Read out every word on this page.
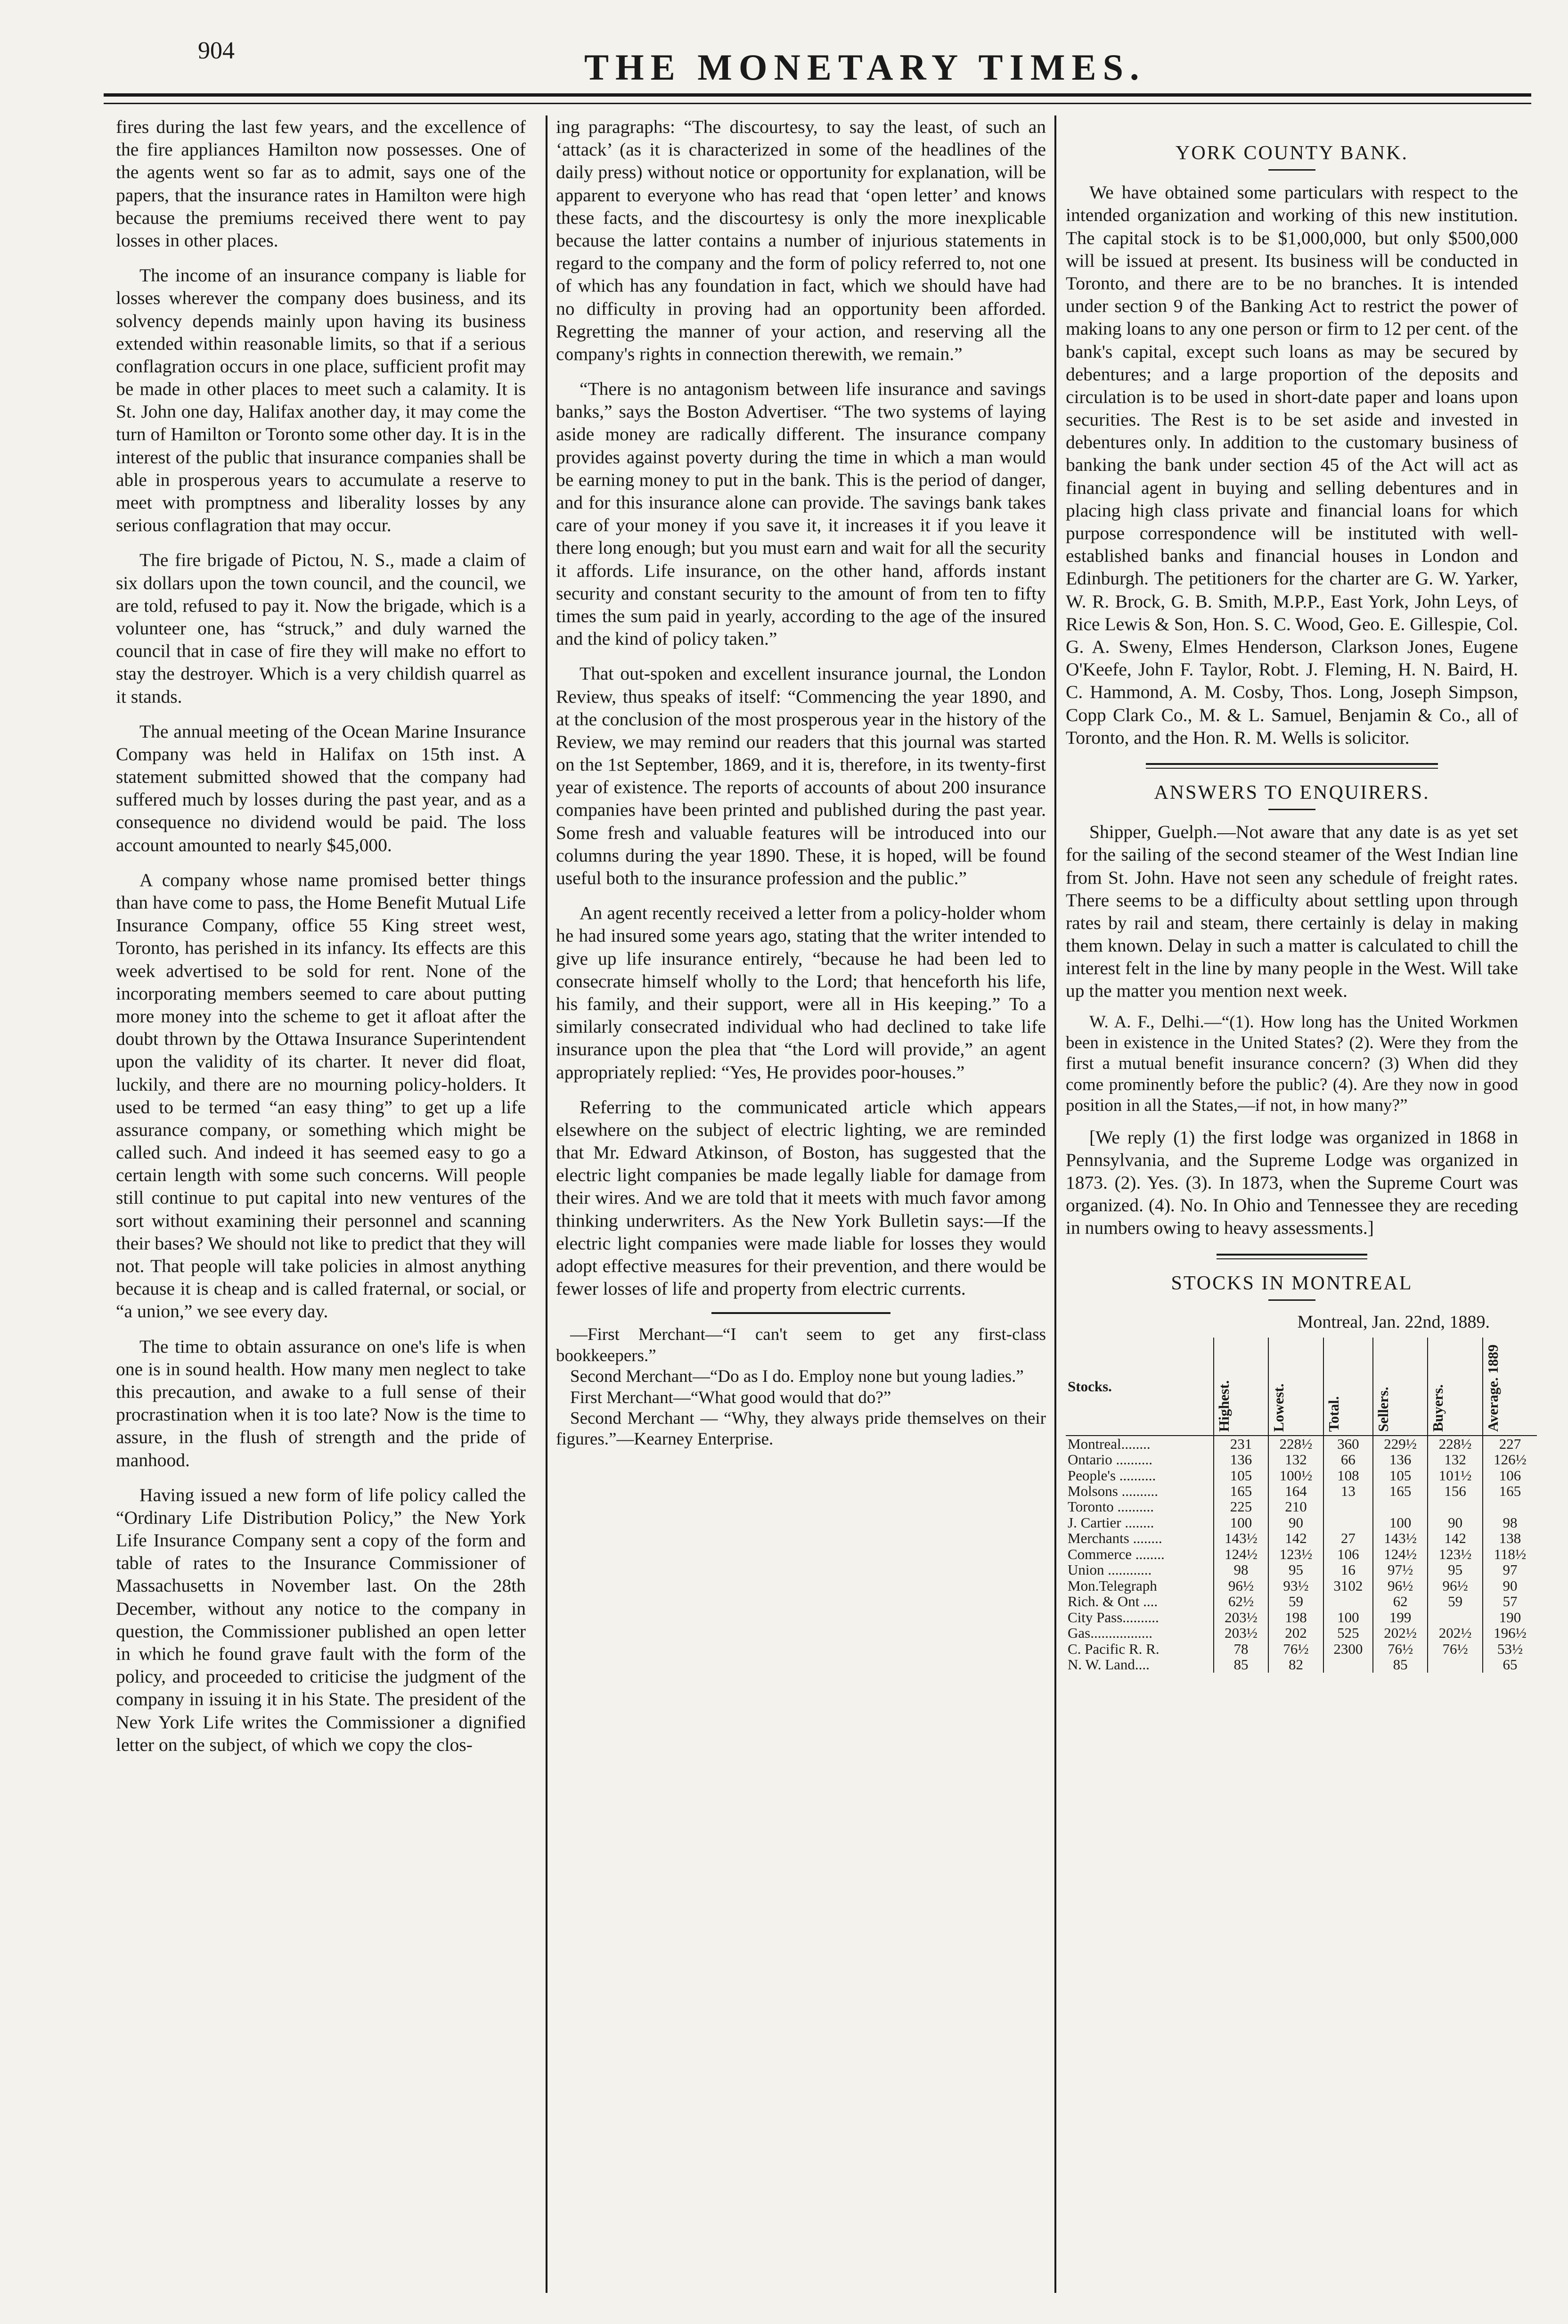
904	THE MONETARY TIMES.

fires during the last few years, and the excellence of the fire appliances Hamilton now possesses. One of the agents went so far as to admit, says one of the papers, that the insurance rates in Hamilton were high because the premiums received there went to pay losses in other places.

The income of an insurance company is liable for losses wherever the company does business, and its solvency depends mainly upon having its business extended within reasonable limits, so that if a serious conflagration occurs in one place, sufficient profit may be made in other places to meet such a calamity. It is St. John one day, Halifax another day, it may come the turn of Hamilton or Toronto some other day. It is in the interest of the public that insurance companies shall be able in prosperous years to accumulate a reserve to meet with promptness and liberality losses by any serious conflagration that may occur.

The fire brigade of Pictou, N. S., made a claim of six dollars upon the town council, and the council, we are told, refused to pay it. Now the brigade, which is a volunteer one, has “struck,” and duly warned the council that in case of fire they will make no effort to stay the destroyer. Which is a very childish quarrel as it stands.

The annual meeting of the Ocean Marine Insurance Company was held in Halifax on 15th inst. A statement submitted showed that the company had suffered much by losses during the past year, and as a consequence no dividend would be paid. The loss account amounted to nearly $45,000.

A company whose name promised better things than have come to pass, the Home Benefit Mutual Life Insurance Company, office 55 King street west, Toronto, has perished in its infancy. Its effects are this week advertised to be sold for rent. None of the incorporating members seemed to care about putting more money into the scheme to get it afloat after the doubt thrown by the Ottawa Insurance Superintendent upon the validity of its charter. It never did float, luckily, and there are no mourning policy-holders. It used to be termed “an easy thing” to get up a life assurance company, or something which might be called such. And indeed it has seemed easy to go a certain length with some such concerns. Will people still continue to put capital into new ventures of the sort without examining their personnel and scanning their bases? We should not like to predict that they will not. That people will take policies in almost anything because it is cheap and is called fraternal, or social, or “a union,” we see every day.

The time to obtain assurance on one's life is when one is in sound health. How many men neglect to take this precaution, and awake to a full sense of their procrastination when it is too late? Now is the time to assure, in the flush of strength and the pride of manhood.

Having issued a new form of life policy called the “Ordinary Life Distribution Policy,” the New York Life Insurance Company sent a copy of the form and table of rates to the Insurance Commissioner of Massachusetts in November last. On the 28th December, without any notice to the company in question, the Commissioner published an open letter in which he found grave fault with the form of the policy, and proceeded to criticise the judgment of the company in issuing it in his State. The president of the New York Life writes the Commissioner a dignified letter on the subject, of which we copy the clos-

ing paragraphs: “The discourtesy, to say the least, of such an ‘attack’ (as it is characterized in some of the headlines of the daily press) without notice or opportunity for explanation, will be apparent to everyone who has read that ‘open letter’ and knows these facts, and the discourtesy is only the more inexplicable because the latter contains a number of injurious statements in regard to the company and the form of policy referred to, not one of which has any foundation in fact, which we should have had no difficulty in proving had an opportunity been afforded. Regretting the manner of your action, and reserving all the company's rights in connection therewith, we remain.”

“There is no antagonism between life insurance and savings banks,” says the Boston Advertiser. “The two systems of laying aside money are radically different. The insurance company provides against poverty during the time in which a man would be earning money to put in the bank. This is the period of danger, and for this insurance alone can provide. The savings bank takes care of your money if you save it, it increases it if you leave it there long enough; but you must earn and wait for all the security it affords. Life insurance, on the other hand, affords instant security and constant security to the amount of from ten to fifty times the sum paid in yearly, according to the age of the insured and the kind of policy taken.”

That out-spoken and excellent insurance journal, the London Review, thus speaks of itself: “Commencing the year 1890, and at the conclusion of the most prosperous year in the history of the Review, we may remind our readers that this journal was started on the 1st September, 1869, and it is, therefore, in its twenty-first year of existence. The reports of accounts of about 200 insurance companies have been printed and published during the past year. Some fresh and valuable features will be introduced into our columns during the year 1890. These, it is hoped, will be found useful both to the insurance profession and the public.”

An agent recently received a letter from a policy-holder whom he had insured some years ago, stating that the writer intended to give up life insurance entirely, “because he had been led to consecrate himself wholly to the Lord; that henceforth his life, his family, and their support, were all in His keeping.” To a similarly consecrated individual who had declined to take life insurance upon the plea that “the Lord will provide,” an agent appropriately replied: “Yes, He provides poor-houses.”

Referring to the communicated article which appears elsewhere on the subject of electric lighting, we are reminded that Mr. Edward Atkinson, of Boston, has suggested that the electric light companies be made legally liable for damage from their wires. And we are told that it meets with much favor among thinking underwriters. As the New York Bulletin says:—If the electric light companies were made liable for losses they would adopt effective measures for their prevention, and there would be fewer losses of life and property from electric currents.

—First Merchant—“I can't seem to get any first-class bookkeepers.”

Second Merchant—“Do as I do. Employ none but young ladies.”

First Merchant—“What good would that do?”

Second Merchant — “Why, they always pride themselves on their figures.”—Kearney Enterprise.

YORK COUNTY BANK.

We have obtained some particulars with respect to the intended organization and working of this new institution. The capital stock is to be $1,000,000, but only $500,000 will be issued at present. Its business will be conducted in Toronto, and there are to be no branches. It is intended under section 9 of the Banking Act to restrict the power of making loans to any one person or firm to 12 per cent. of the bank's capital, except such loans as may be secured by debentures; and a large proportion of the deposits and circulation is to be used in short-date paper and loans upon securities. The Rest is to be set aside and invested in debentures only. In addition to the customary business of banking the bank under section 45 of the Act will act as financial agent in buying and selling debentures and in placing high class private and financial loans for which purpose correspondence will be instituted with well-established banks and financial houses in London and Edinburgh. The petitioners for the charter are G. W. Yarker, W. R. Brock, G. B. Smith, M.P.P., East York, John Leys, of Rice Lewis & Son, Hon. S. C. Wood, Geo. E. Gillespie, Col. G. A. Sweny, Elmes Henderson, Clarkson Jones, Eugene O'Keefe, John F. Taylor, Robt. J. Fleming, H. N. Baird, H. C. Hammond, A. M. Cosby, Thos. Long, Joseph Simpson, Copp Clark Co., M. & L. Samuel, Benjamin & Co., all of Toronto, and the Hon. R. M. Wells is solicitor.

ANSWERS TO ENQUIRERS.

Shipper, Guelph.—Not aware that any date is as yet set for the sailing of the second steamer of the West Indian line from St. John. Have not seen any schedule of freight rates. There seems to be a difficulty about settling upon through rates by rail and steam, there certainly is delay in making them known. Delay in such a matter is calculated to chill the interest felt in the line by many people in the West. Will take up the matter you mention next week.

W. A. F., Delhi.—“(1). How long has the United Workmen been in existence in the United States? (2). Were they from the first a mutual benefit insurance concern? (3) When did they come prominently before the public? (4). Are they now in good position in all the States,—if not, in how many?”

[We reply (1) the first lodge was organized in 1868 in Pennsylvania, and the Supreme Lodge was organized in 1873. (2). Yes. (3). In 1873, when the Supreme Court was organized. (4). No. In Ohio and Tennessee they are receding in numbers owing to heavy assessments.]

STOCKS IN MONTREAL
Montreal, Jan. 22nd, 1889.
Stocks.	Highest.	Lowest.	Total.	Sellers.	Buyers.	Average. 1889
Montreal........	231	228½	360	229½	228½	227
Ontario ..........	136	132	66	136	132	126½
People's ..........	105	100½	108	105	101½	106
Molsons ..........	165	164	13	165	156	165
Toronto ..........	225	210				
J. Cartier ........	100	90		100	90	98
Merchants ........	143½	142	27	143½	142	138
Commerce ........	124½	123½	106	124½	123½	118½
Union ............	98	95	16	97½	95	97
Mon.Telegraph	96½	93½	3102	96½	96½	90
Rich. & Ont ....	62½	59		62	59	57
City Pass..........	203½	198	100	199		190
Gas.................	203½	202	525	202½	202½	196½
C. Pacific R. R.	78	76½	2300	76½	76½	53½
N. W. Land....	85	82		85		65
